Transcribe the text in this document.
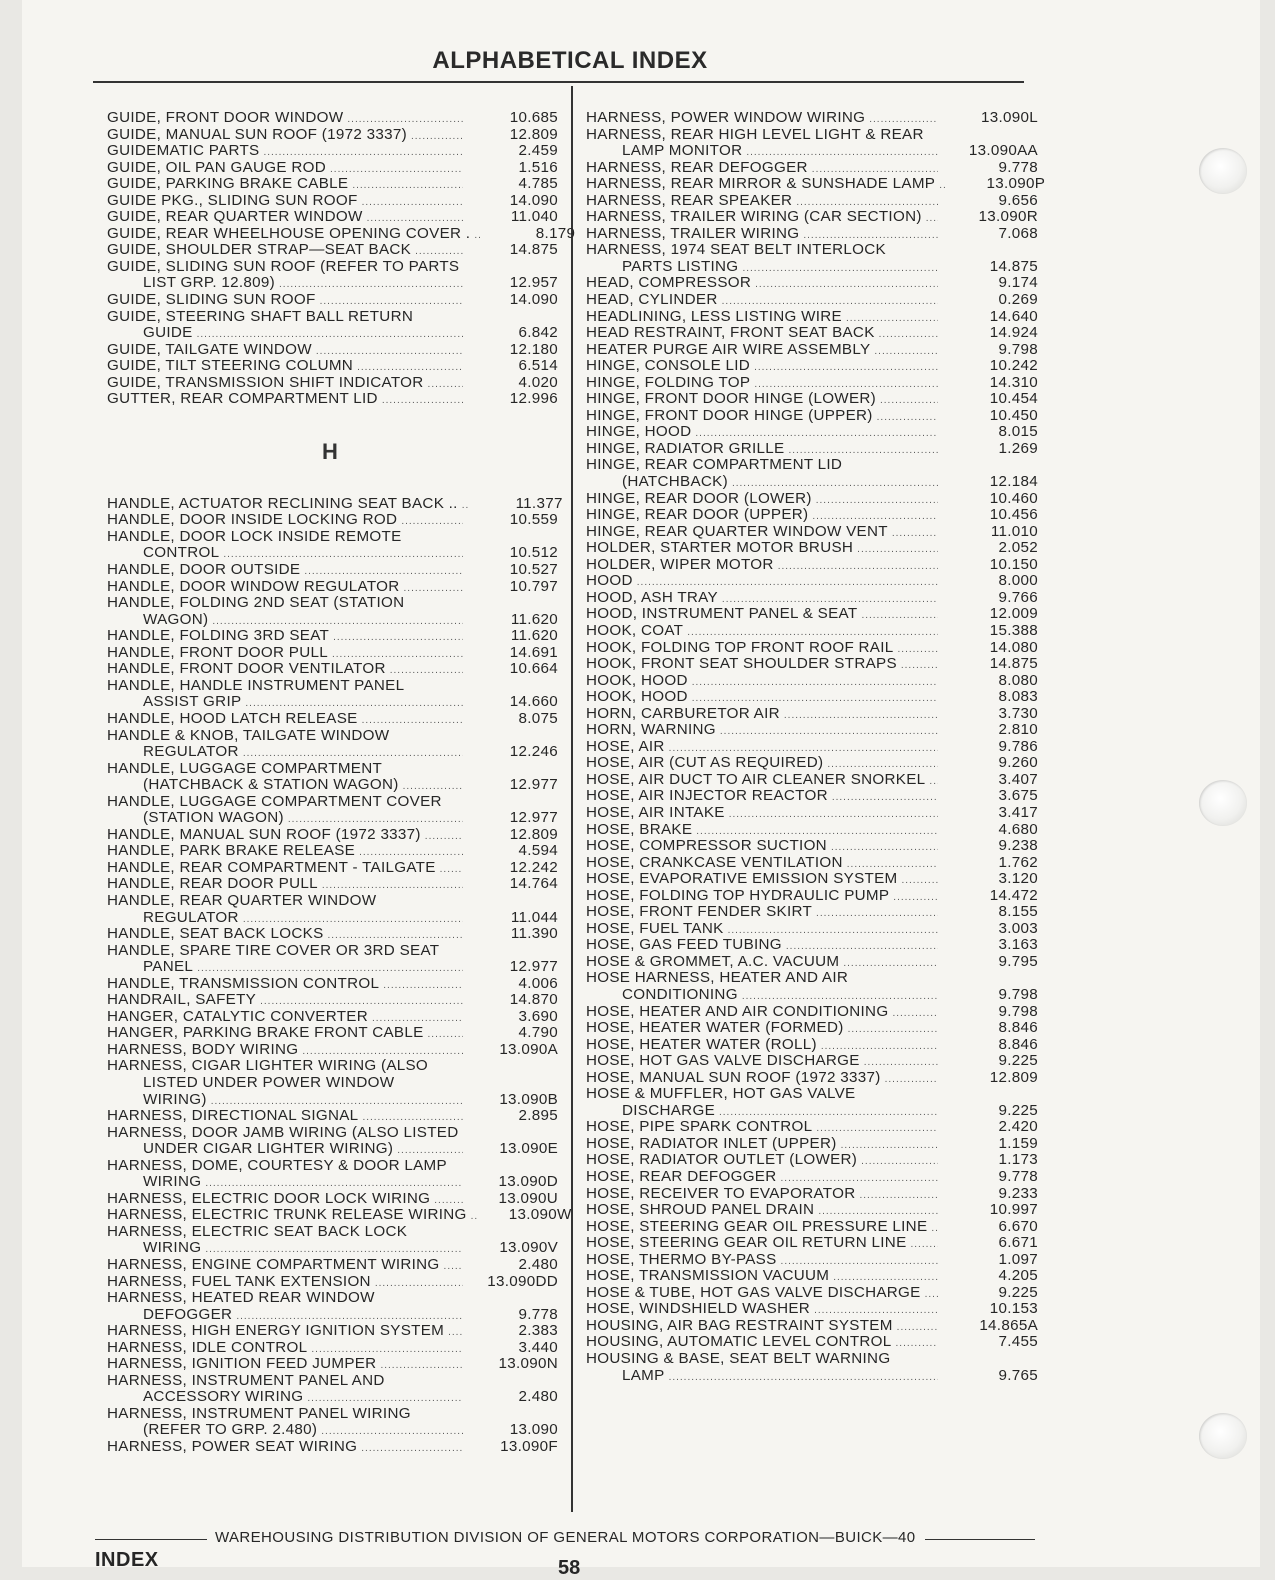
ALPHABETICAL INDEX
GUIDE, FRONT DOOR WINDOW .....	10.685
GUIDE, MANUAL SUN ROOF (1972 3337) .....	12.809
GUIDEMATIC PARTS .....	2.459
GUIDE, OIL PAN GAUGE ROD .....	1.516
GUIDE, PARKING BRAKE CABLE .....	4.785
GUIDE PKG., SLIDING SUN ROOF .....	14.090
GUIDE, REAR QUARTER WINDOW .....	11.040
GUIDE, REAR WHEELHOUSE OPENING COVER . .....	8.179
GUIDE, SHOULDER STRAP—SEAT BACK .....	14.875
GUIDE, SLIDING SUN ROOF (REFER TO PARTS
LIST GRP. 12.809) .....	12.957
GUIDE, SLIDING SUN ROOF .....	14.090
GUIDE, STEERING SHAFT BALL RETURN
GUIDE .....	6.842
GUIDE, TAILGATE WINDOW .....	12.180
GUIDE, TILT STEERING COLUMN .....	6.514
GUIDE, TRANSMISSION SHIFT INDICATOR .....	4.020
GUTTER, REAR COMPARTMENT LID .....	12.996
H
HANDLE, ACTUATOR RECLINING SEAT BACK .. .....	11.377
HANDLE, DOOR INSIDE LOCKING ROD .....	10.559
HANDLE, DOOR LOCK INSIDE REMOTE
CONTROL .....	10.512
HANDLE, DOOR OUTSIDE .....	10.527
HANDLE, DOOR WINDOW REGULATOR .....	10.797
HANDLE, FOLDING 2ND SEAT (STATION
WAGON) .....	11.620
HANDLE, FOLDING 3RD SEAT .....	11.620
HANDLE, FRONT DOOR PULL .....	14.691
HANDLE, FRONT DOOR VENTILATOR .....	10.664
HANDLE, HANDLE INSTRUMENT PANEL
ASSIST GRIP .....	14.660
HANDLE, HOOD LATCH RELEASE .....	8.075
HANDLE & KNOB, TAILGATE WINDOW
REGULATOR .....	12.246
HANDLE, LUGGAGE COMPARTMENT
(HATCHBACK & STATION WAGON) .....	12.977
HANDLE, LUGGAGE COMPARTMENT COVER
(STATION WAGON) .....	12.977
HANDLE, MANUAL SUN ROOF (1972 3337) .....	12.809
HANDLE, PARK BRAKE RELEASE .....	4.594
HANDLE, REAR COMPARTMENT - TAILGATE .....	12.242
HANDLE, REAR DOOR PULL .....	14.764
HANDLE, REAR QUARTER WINDOW
REGULATOR .....	11.044
HANDLE, SEAT BACK LOCKS .....	11.390
HANDLE, SPARE TIRE COVER OR 3RD SEAT
PANEL .....	12.977
HANDLE, TRANSMISSION CONTROL .....	4.006
HANDRAIL, SAFETY .....	14.870
HANGER, CATALYTIC CONVERTER .....	3.690
HANGER, PARKING BRAKE FRONT CABLE .....	4.790
HARNESS, BODY WIRING .....	13.090A
HARNESS, CIGAR LIGHTER WIRING (ALSO
LISTED UNDER POWER WINDOW
WIRING) .....	13.090B
HARNESS, DIRECTIONAL SIGNAL .....	2.895
HARNESS, DOOR JAMB WIRING (ALSO LISTED
UNDER CIGAR LIGHTER WIRING) .....	13.090E
HARNESS, DOME, COURTESY & DOOR LAMP
WIRING .....	13.090D
HARNESS, ELECTRIC DOOR LOCK WIRING .....	13.090U
HARNESS, ELECTRIC TRUNK RELEASE WIRING .....	13.090W
HARNESS, ELECTRIC SEAT BACK LOCK
WIRING .....	13.090V
HARNESS, ENGINE COMPARTMENT WIRING .....	2.480
HARNESS, FUEL TANK EXTENSION .....	13.090DD
HARNESS, HEATED REAR WINDOW
DEFOGGER .....	9.778
HARNESS, HIGH ENERGY IGNITION SYSTEM .....	2.383
HARNESS, IDLE CONTROL .....	3.440
HARNESS, IGNITION FEED JUMPER .....	13.090N
HARNESS, INSTRUMENT PANEL AND
ACCESSORY WIRING .....	2.480
HARNESS, INSTRUMENT PANEL WIRING
(REFER TO GRP. 2.480) .....	13.090
HARNESS, POWER SEAT WIRING .....	13.090F
HARNESS, POWER WINDOW WIRING .....	13.090L
HARNESS, REAR HIGH LEVEL LIGHT & REAR
LAMP MONITOR .....	13.090AA
HARNESS, REAR DEFOGGER .....	9.778
HARNESS, REAR MIRROR & SUNSHADE LAMP .....	13.090P
HARNESS, REAR SPEAKER .....	9.656
HARNESS, TRAILER WIRING (CAR SECTION) .....	13.090R
HARNESS, TRAILER WIRING .....	7.068
HARNESS, 1974 SEAT BELT INTERLOCK
PARTS LISTING .....	14.875
HEAD, COMPRESSOR .....	9.174
HEAD, CYLINDER .....	0.269
HEADLINING, LESS LISTING WIRE .....	14.640
HEAD RESTRAINT, FRONT SEAT BACK .....	14.924
HEATER PURGE AIR WIRE ASSEMBLY .....	9.798
HINGE, CONSOLE LID .....	10.242
HINGE, FOLDING TOP .....	14.310
HINGE, FRONT DOOR HINGE (LOWER) .....	10.454
HINGE, FRONT DOOR HINGE (UPPER) .....	10.450
HINGE, HOOD .....	8.015
HINGE, RADIATOR GRILLE .....	1.269
HINGE, REAR COMPARTMENT LID
(HATCHBACK) .....	12.184
HINGE, REAR DOOR (LOWER) .....	10.460
HINGE, REAR DOOR (UPPER) .....	10.456
HINGE, REAR QUARTER WINDOW VENT .....	11.010
HOLDER, STARTER MOTOR BRUSH .....	2.052
HOLDER, WIPER MOTOR .....	10.150
HOOD .....	8.000
HOOD, ASH TRAY .....	9.766
HOOD, INSTRUMENT PANEL & SEAT .....	12.009
HOOK, COAT .....	15.388
HOOK, FOLDING TOP FRONT ROOF RAIL .....	14.080
HOOK, FRONT SEAT SHOULDER STRAPS .....	14.875
HOOK, HOOD .....	8.080
HOOK, HOOD .....	8.083
HORN, CARBURETOR AIR .....	3.730
HORN, WARNING .....	2.810
HOSE, AIR .....	9.786
HOSE, AIR (CUT AS REQUIRED) .....	9.260
HOSE, AIR DUCT TO AIR CLEANER SNORKEL .....	3.407
HOSE, AIR INJECTOR REACTOR .....	3.675
HOSE, AIR INTAKE .....	3.417
HOSE, BRAKE .....	4.680
HOSE, COMPRESSOR SUCTION .....	9.238
HOSE, CRANKCASE VENTILATION .....	1.762
HOSE, EVAPORATIVE EMISSION SYSTEM .....	3.120
HOSE, FOLDING TOP HYDRAULIC PUMP .....	14.472
HOSE, FRONT FENDER SKIRT .....	8.155
HOSE, FUEL TANK .....	3.003
HOSE, GAS FEED TUBING .....	3.163
HOSE & GROMMET, A.C. VACUUM .....	9.795
HOSE HARNESS, HEATER AND AIR
CONDITIONING .....	9.798
HOSE, HEATER AND AIR CONDITIONING .....	9.798
HOSE, HEATER WATER (FORMED) .....	8.846
HOSE, HEATER WATER (ROLL) .....	8.846
HOSE, HOT GAS VALVE DISCHARGE .....	9.225
HOSE, MANUAL SUN ROOF (1972 3337) .....	12.809
HOSE & MUFFLER, HOT GAS VALVE
DISCHARGE .....	9.225
HOSE, PIPE SPARK CONTROL .....	2.420
HOSE, RADIATOR INLET (UPPER) .....	1.159
HOSE, RADIATOR OUTLET (LOWER) .....	1.173
HOSE, REAR DEFOGGER .....	9.778
HOSE, RECEIVER TO EVAPORATOR .....	9.233
HOSE, SHROUD PANEL DRAIN .....	10.997
HOSE, STEERING GEAR OIL PRESSURE LINE .....	6.670
HOSE, STEERING GEAR OIL RETURN LINE .....	6.671
HOSE, THERMO BY-PASS .....	1.097
HOSE, TRANSMISSION VACUUM .....	4.205
HOSE & TUBE, HOT GAS VALVE DISCHARGE .....	9.225
HOSE, WINDSHIELD WASHER .....	10.153
HOUSING, AIR BAG RESTRAINT SYSTEM .....	14.865A
HOUSING, AUTOMATIC LEVEL CONTROL .....	7.455
HOUSING & BASE, SEAT BELT WARNING
LAMP .....	9.765
WAREHOUSING DISTRIBUTION DIVISION OF GENERAL MOTORS CORPORATION—BUICK—40
INDEX	58
